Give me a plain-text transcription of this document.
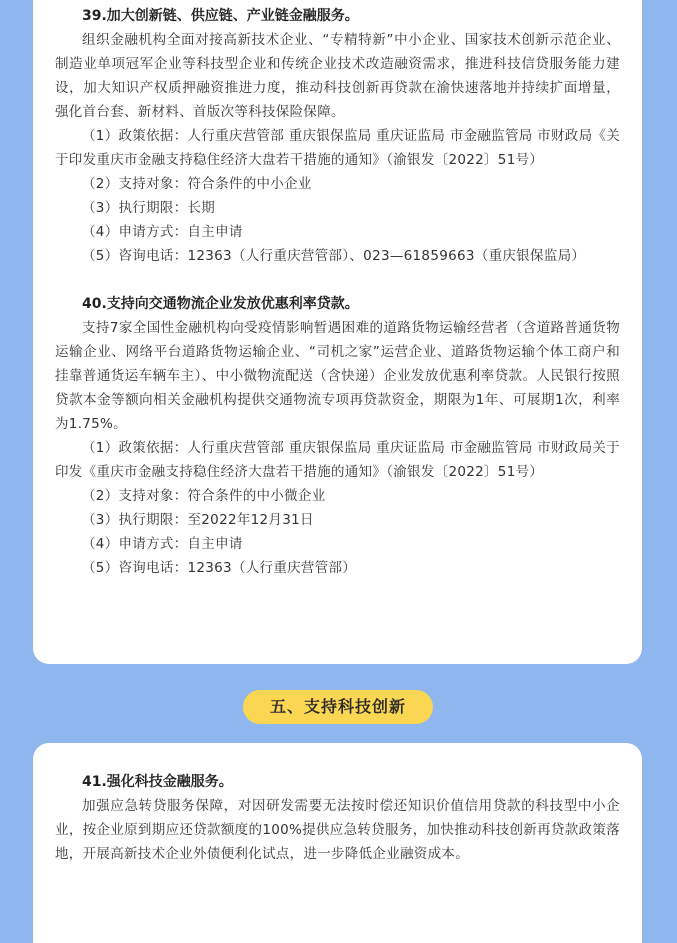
39.加大创新链、供应链、产业链金融服务。

组织金融机构全面对接高新技术企业、“专精特新”中小企业、国家技术创新示范企业、制造业单项冠军企业等科技型企业和传统企业技术改造融资需求，推进科技信贷服务能力建设，加大知识产权质押融资推进力度，推动科技创新再贷款在渝快速落地并持续扩面增量，强化首台套、新材料、首版次等科技保险保障。

（1）政策依据：人行重庆营管部 重庆银保监局 重庆证监局 市金融监管局 市财政局《关于印发重庆市金融支持稳住经济大盘若干措施的通知》（渝银发〔2022〕51号）

（2）支持对象：符合条件的中小企业

（3）执行期限：长期

（4）申请方式：自主申请

（5）咨询电话：12363（人行重庆营管部）、023—61859663（重庆银保监局）

40.支持向交通物流企业发放优惠利率贷款。

支持7家全国性金融机构向受疫情影响暂遇困难的道路货物运输经营者（含道路普通货物运输企业、网络平台道路货物运输企业、“司机之家”运营企业、道路货物运输个体工商户和挂靠普通货运车辆车主）、中小微物流配送（含快递）企业发放优惠利率贷款。人民银行按照贷款本金等额向相关金融机构提供交通物流专项再贷款资金，期限为1年、可展期1次，利率为1.75%。

（1）政策依据：人行重庆营管部 重庆银保监局 重庆证监局 市金融监管局 市财政局关于印发《重庆市金融支持稳住经济大盘若干措施的通知》（渝银发〔2022〕51号）

（2）支持对象：符合条件的中小微企业

（3）执行期限：至2022年12月31日

（4）申请方式：自主申请

（5）咨询电话：12363（人行重庆营管部）

五、支持科技创新

41.强化科技金融服务。

加强应急转贷服务保障，对因研发需要无法按时偿还知识价值信用贷款的科技型中小企业，按企业原到期应还贷款额度的100%提供应急转贷服务，加快推动科技创新再贷款政策落地，开展高新技术企业外债便利化试点，进一步降低企业融资成本。
